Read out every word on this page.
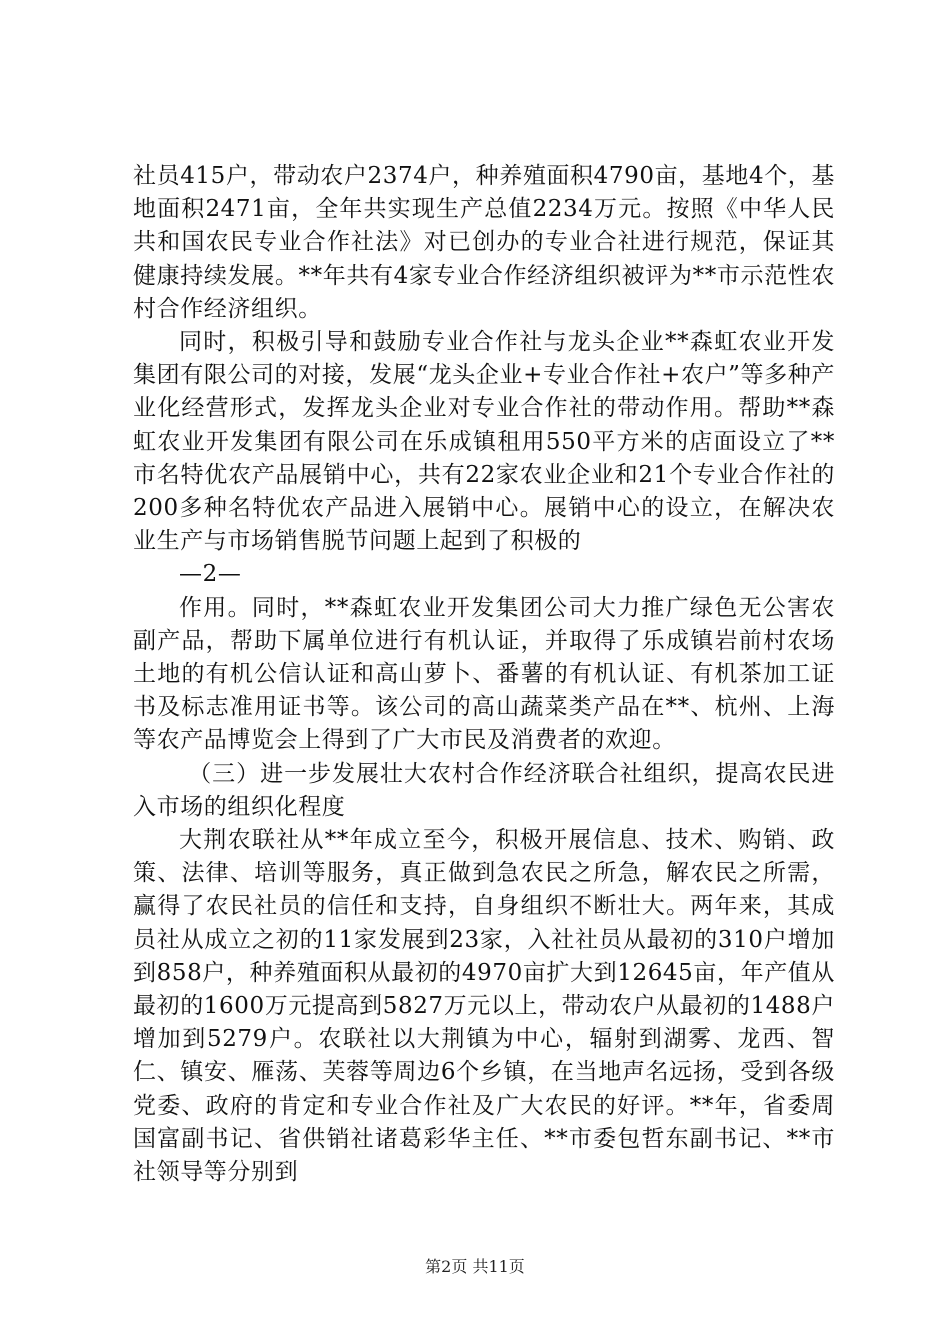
社员415户，带动农户2374户，种养殖面积4790亩，基地4个，基地面积2471亩，全年共实现生产总值2234万元。按照《中华人民共和国农民专业合作社法》对已创办的专业合社进行规范，保证其健康持续发展。**年共有4家专业合作经济组织被评为**市示范性农村合作经济组织。

同时，积极引导和鼓励专业合作社与龙头企业**森虹农业开发集团有限公司的对接，发展“龙头企业+专业合作社+农户”等多种产业化经营形式，发挥龙头企业对专业合作社的带动作用。帮助**森虹农业开发集团有限公司在乐成镇租用550平方米的店面设立了**市名特优农产品展销中心，共有22家农业企业和21个专业合作社的200多种名特优农产品进入展销中心。展销中心的设立，在解决农业生产与市场销售脱节问题上起到了积极的

—2—

作用。同时，**森虹农业开发集团公司大力推广绿色无公害农副产品，帮助下属单位进行有机认证，并取得了乐成镇岩前村农场土地的有机公信认证和高山萝卜、番薯的有机认证、有机茶加工证书及标志准用证书等。该公司的高山蔬菜类产品在**、杭州、上海等农产品博览会上得到了广大市民及消费者的欢迎。

（三）进一步发展壮大农村合作经济联合社组织，提高农民进入市场的组织化程度

大荆农联社从**年成立至今，积极开展信息、技术、购销、政策、法律、培训等服务，真正做到急农民之所急，解农民之所需，赢得了农民社员的信任和支持，自身组织不断壮大。两年来，其成员社从成立之初的11家发展到23家，入社社员从最初的310户增加到858户，种养殖面积从最初的4970亩扩大到12645亩，年产值从最初的1600万元提高到5827万元以上，带动农户从最初的1488户增加到5279户。农联社以大荆镇为中心，辐射到湖雾、龙西、智仁、镇安、雁荡、芙蓉等周边6个乡镇，在当地声名远扬，受到各级党委、政府的肯定和专业合作社及广大农民的好评。**年，省委周国富副书记、省供销社诸葛彩华主任、**市委包哲东副书记、**市社领导等分别到

第2页 共11页
